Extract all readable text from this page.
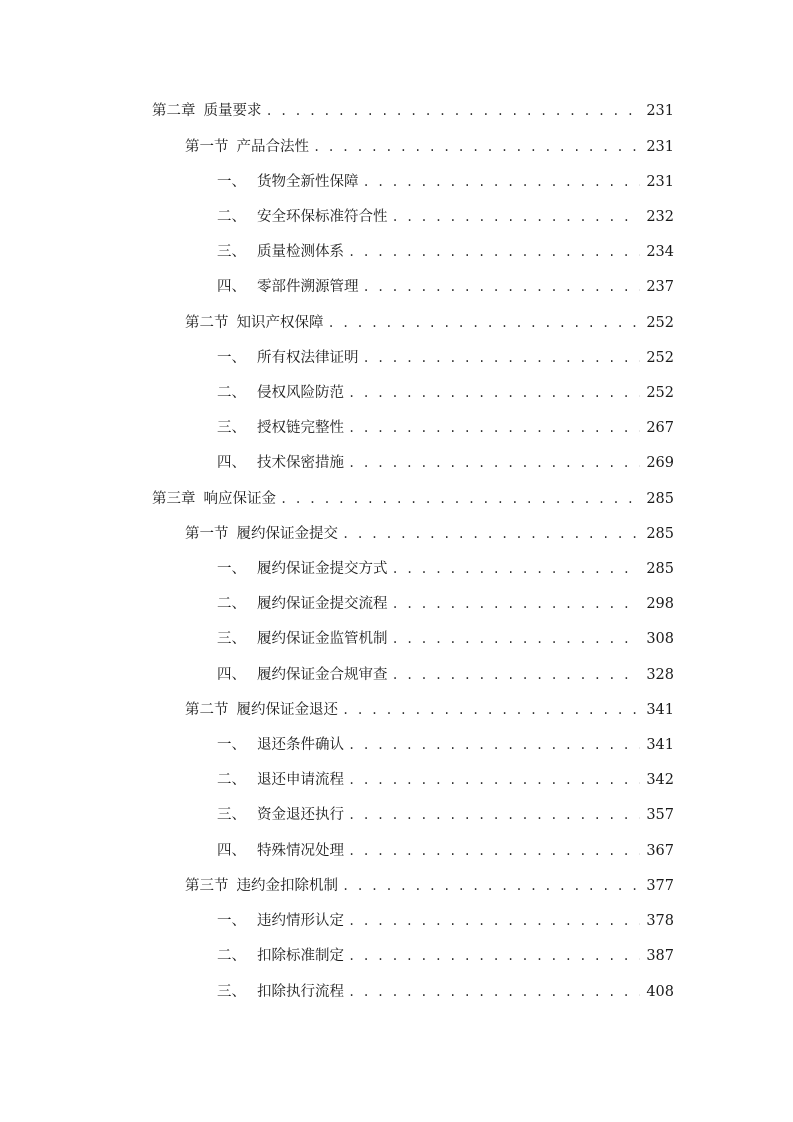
第二章 质量要求 . . .	231
第一节 产品合法性 . . .	231
一、 货物全新性保障 . . .	231
二、 安全环保标准符合性 . . .	232
三、 质量检测体系 . . .	234
四、 零部件溯源管理 . . .	237
第二节 知识产权保障 . . .	252
一、 所有权法律证明 . . .	252
二、 侵权风险防范 . . .	252
三、 授权链完整性 . . .	267
四、 技术保密措施 . . .	269
第三章 响应保证金 . . .	285
第一节 履约保证金提交 . . .	285
一、 履约保证金提交方式 . . .	285
二、 履约保证金提交流程 . . .	298
三、 履约保证金监管机制 . . .	308
四、 履约保证金合规审查 . . .	328
第二节 履约保证金退还 . . .	341
一、 退还条件确认 . . .	341
二、 退还申请流程 . . .	342
三、 资金退还执行 . . .	357
四、 特殊情况处理 . . .	367
第三节 违约金扣除机制 . . .	377
一、 违约情形认定 . . .	378
二、 扣除标准制定 . . .	387
三、 扣除执行流程 . . .	408
